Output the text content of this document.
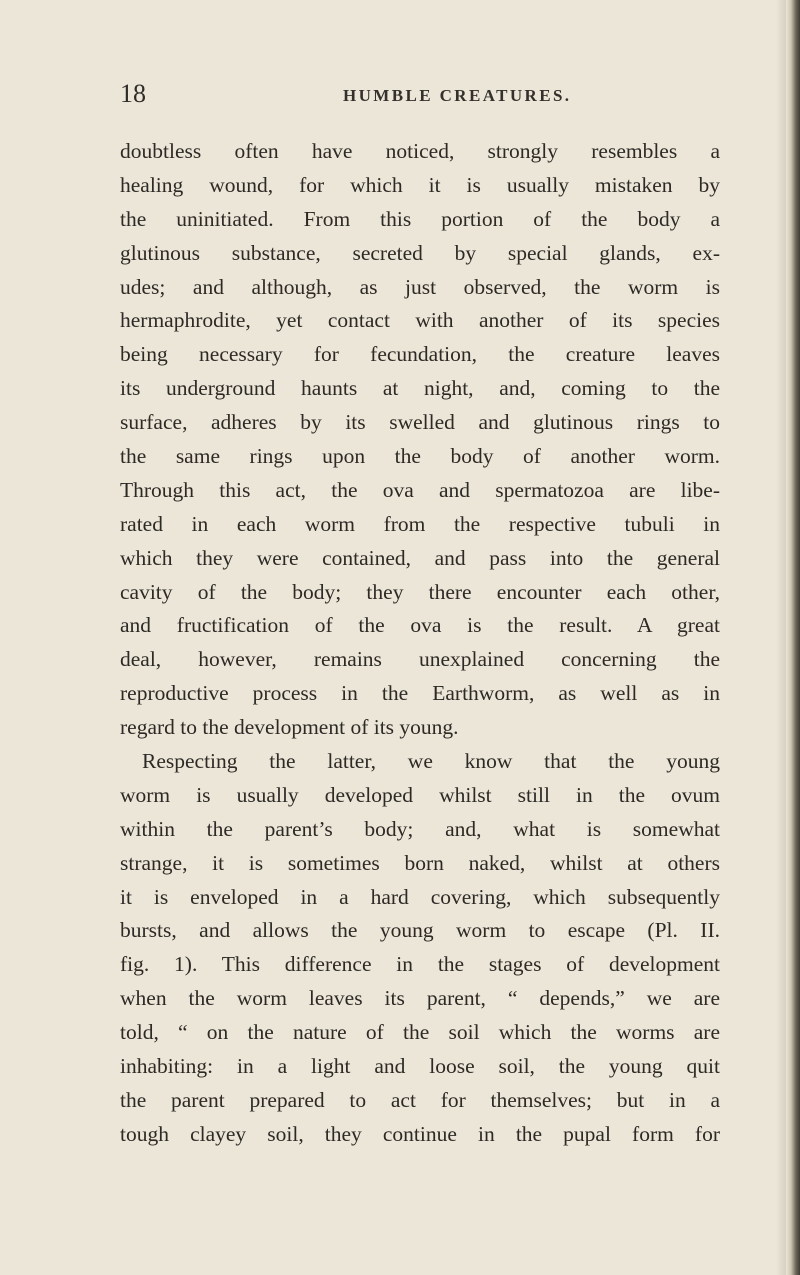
18	HUMBLE CREATURES.
doubtless often have noticed, strongly resembles a
healing wound, for which it is usually mistaken by
the uninitiated. From this portion of the body a
glutinous substance, secreted by special glands, ex-
udes; and although, as just observed, the worm is
hermaphrodite, yet contact with another of its species
being necessary for fecundation, the creature leaves
its underground haunts at night, and, coming to the
surface, adheres by its swelled and glutinous rings to
the same rings upon the body of another worm.
Through this act, the ova and spermatozoa are libe-
rated in each worm from the respective tubuli in
which they were contained, and pass into the general
cavity of the body; they there encounter each other,
and fructification of the ova is the result. A great
deal, however, remains unexplained concerning the
reproductive process in the Earthworm, as well as in
regard to the development of its young.
Respecting the latter, we know that the young
worm is usually developed whilst still in the ovum
within the parent’s body; and, what is somewhat
strange, it is sometimes born naked, whilst at others
it is enveloped in a hard covering, which subsequently
bursts, and allows the young worm to escape (Pl. II.
fig. 1). This difference in the stages of development
when the worm leaves its parent, “ depends,” we are
told, “ on the nature of the soil which the worms are
inhabiting: in a light and loose soil, the young quit
the parent prepared to act for themselves; but in a
tough clayey soil, they continue in the pupal form for
